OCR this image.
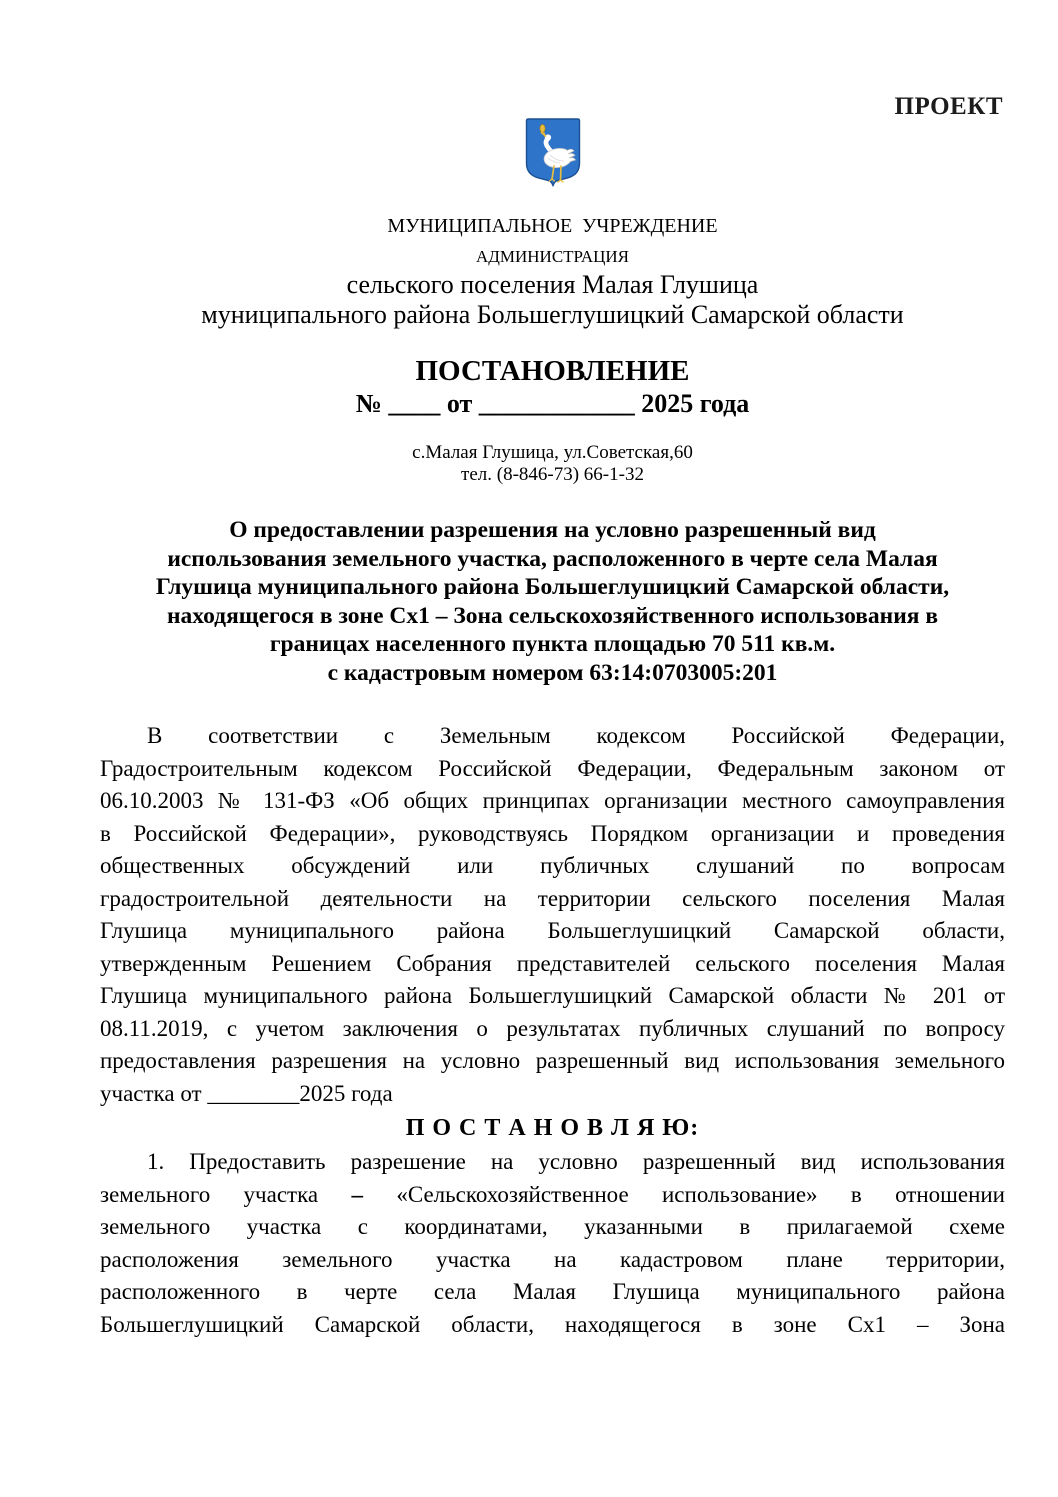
ПРОЕКТ
МУНИЦИПАЛЬНОЕ  УЧРЕЖДЕНИЕ
АДМИНИСТРАЦИЯ
сельского поселения Малая Глушица
муниципального района Большеглушицкий Самарской области
ПОСТАНОВЛЕНИЕ
№ ____ от ____________ 2025 года
с.Малая Глушица, ул.Советская,60
тел. (8-846-73) 66-1-32
О предоставлении разрешения на условно разрешенный вид
использования земельного участка, расположенного в черте села Малая
Глушица муниципального района Большеглушицкий Самарской области,
находящегося в зоне Сх1 – Зона сельскохозяйственного использования в
границах населенного пункта площадью 70 511 кв.м.
с кадастровым номером 63:14:0703005:201
В соответствии с Земельным кодексом Российской Федерации,
Градостроительным кодексом Российской Федерации, Федеральным законом от
06.10.2003 № 131-ФЗ «Об общих принципах организации местного самоуправления
в Российской Федерации», руководствуясь Порядком организации и проведения
общественных обсуждений или публичных слушаний по вопросам
градостроительной деятельности на территории сельского поселения Малая
Глушица муниципального района Большеглушицкий Самарской области,
утвержденным Решением Собрания представителей сельского поселения Малая
Глушица муниципального района Большеглушицкий Самарской области № 201 от
08.11.2019, с учетом заключения о результатах публичных слушаний по вопросу
предоставления разрешения на условно разрешенный вид использования земельного
участка от ________2025 года
П О С Т А Н О В Л Я Ю:
1. Предоставить разрешение на условно разрешенный вид использования
земельного участка – «Сельскохозяйственное использование» в отношении
земельного участка с координатами, указанными в прилагаемой схеме
расположения земельного участка на кадастровом плане территории,
расположенного в черте села Малая Глушица муниципального района
Большеглушицкий Самарской области, находящегося в зоне Сх1 – Зона
